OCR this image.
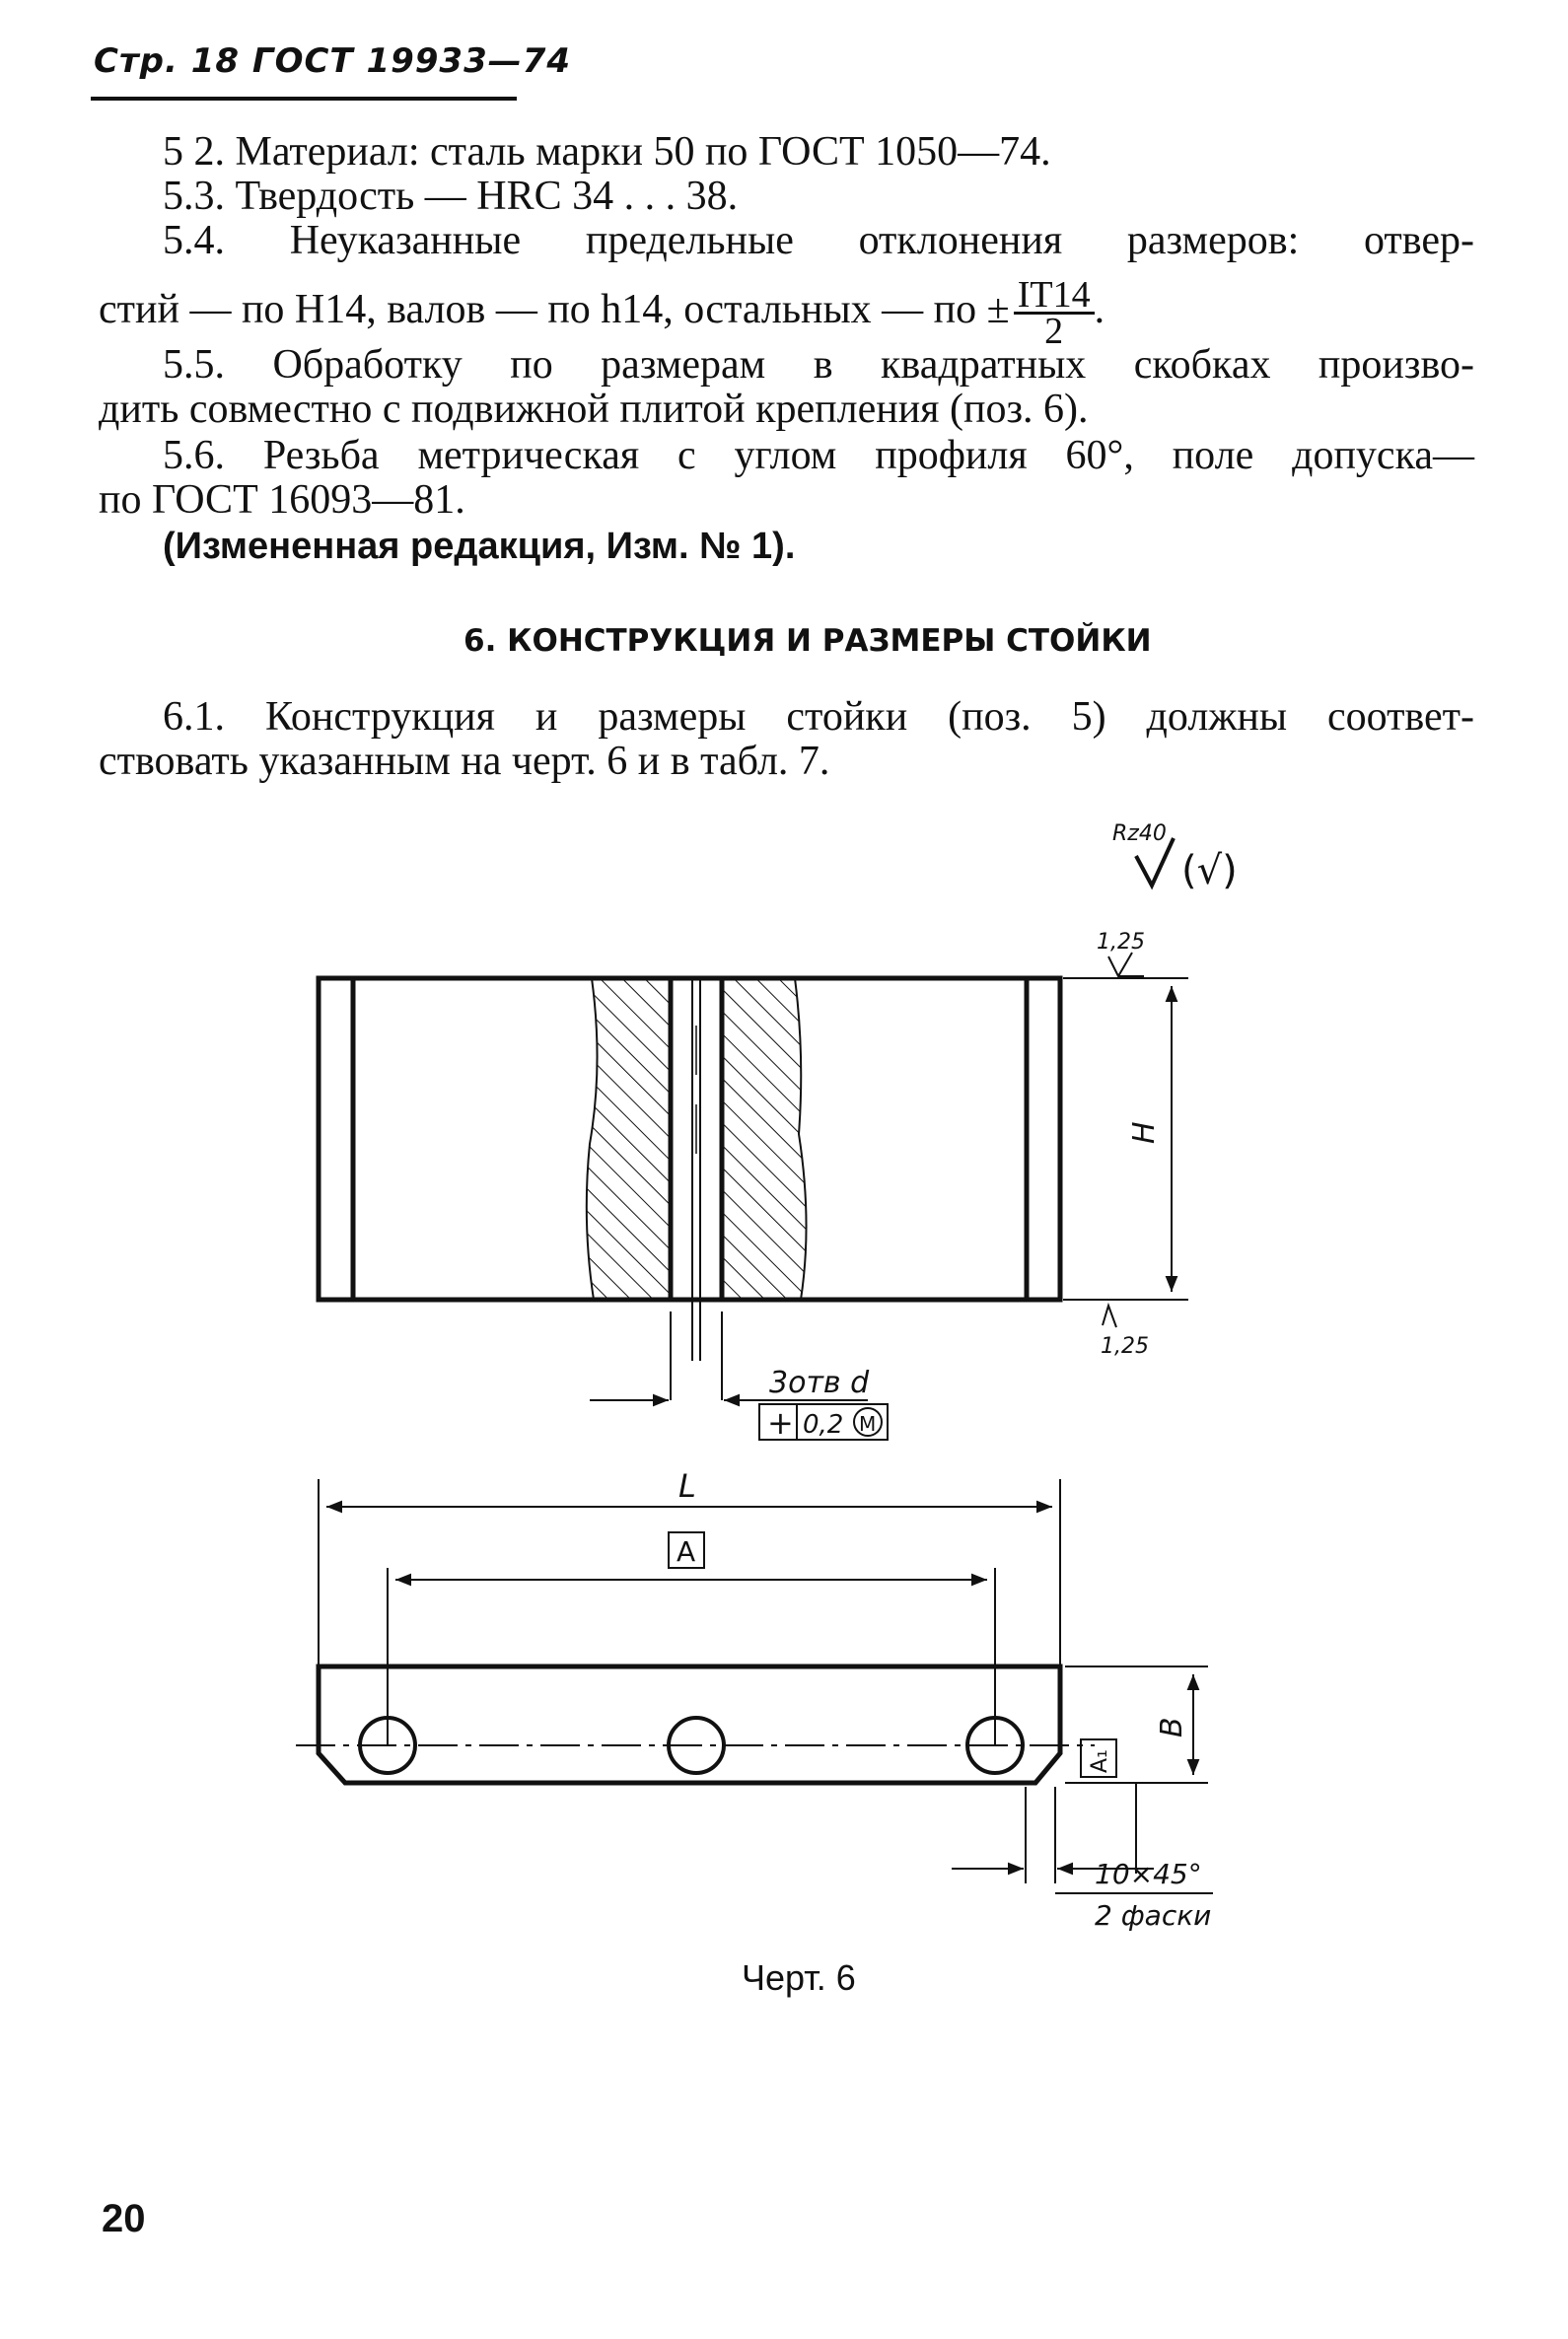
Стр. 18 ГОСТ 19933—74
5 2. Материал: сталь марки 50 по ГОСТ 1050—74.
5.3. Твердость — HRC 34 . . . 38.
5.4. Неуказанные предельные отклонения размеров: отвер-
стий — по H14, валов — по h14, остальных — по ± $\frac{IT14}{2}$ .
5.5. Обработку по размерам в квадратных скобках произво-
дить совместно с подвижной плитой крепления (поз. 6).
5.6. Резьба метрическая с углом профиля 60°, поле допуска—
по ГОСТ 16093—81.
(Измененная редакция, Изм. № 1).
6. КОНСТРУКЦИЯ И РАЗМЕРЫ СТОЙКИ
6.1. Конструкция и размеры стойки (поз. 5) должны соответ-
ствовать указанным на черт. 6 и в табл. 7.
Rz40
(√)
H
1,25
1,25
3отв d
+ 0,2 M
L
A
B
A₁
10×45°
2 фаски
Черт. 6
20
